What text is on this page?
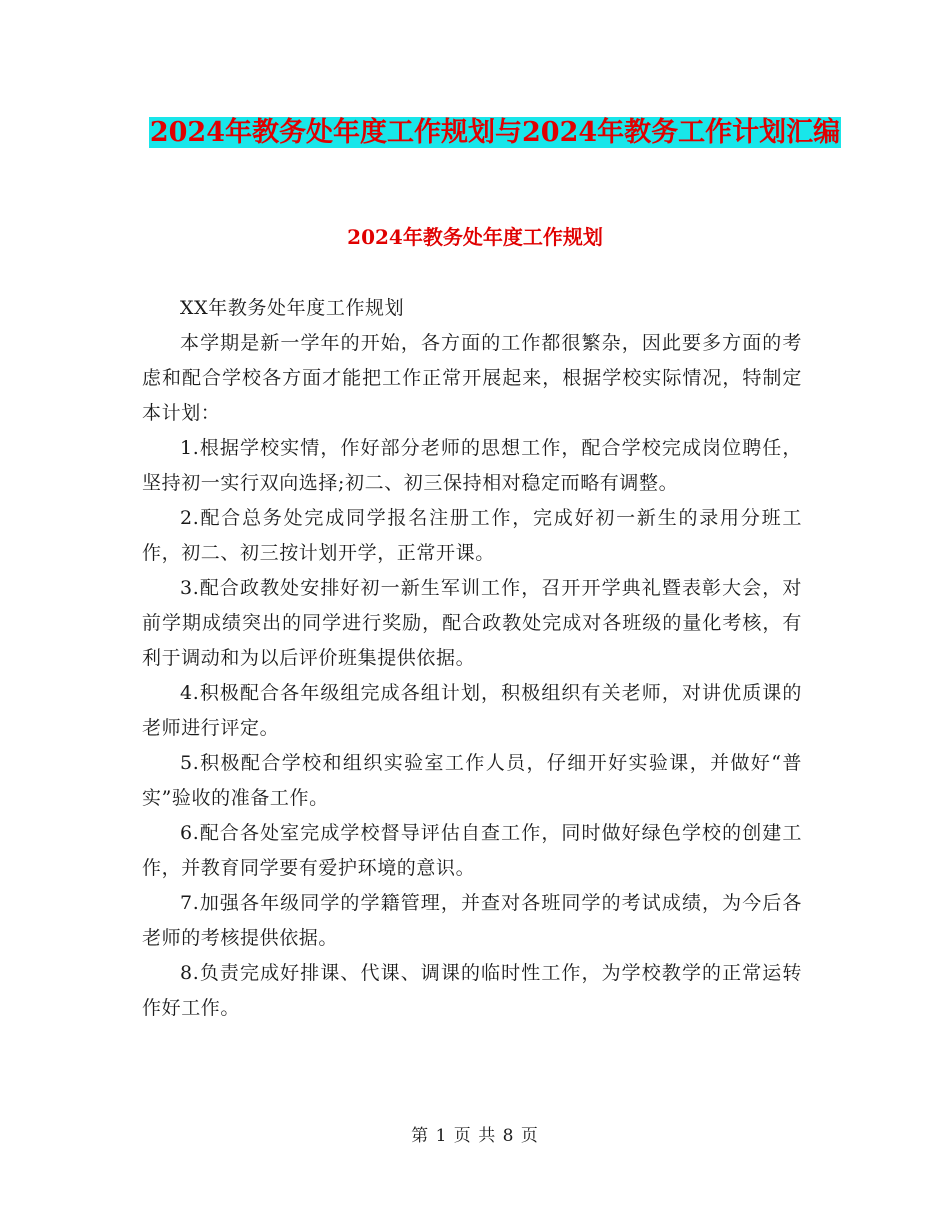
2024年教务处年度工作规划与2024年教务工作计划汇编
2024年教务处年度工作规划

XX年教务处年度工作规划

本学期是新一学年的开始，各方面的工作都很繁杂，因此要多方面的考虑和配合学校各方面才能把工作正常开展起来，根据学校实际情况，特制定本计划：

1.根据学校实情，作好部分老师的思想工作，配合学校完成岗位聘任，坚持初一实行双向选择;初二、初三保持相对稳定而略有调整。

2.配合总务处完成同学报名注册工作，完成好初一新生的录用分班工作，初二、初三按计划开学，正常开课。

3.配合政教处安排好初一新生军训工作，召开开学典礼暨表彰大会，对前学期成绩突出的同学进行奖励，配合政教处完成对各班级的量化考核，有利于调动和为以后评价班集提供依据。

4.积极配合各年级组完成各组计划，积极组织有关老师，对讲优质课的老师进行评定。

5.积极配合学校和组织实验室工作人员，仔细开好实验课，并做好“普实”验收的准备工作。

6.配合各处室完成学校督导评估自查工作，同时做好绿色学校的创建工作，并教育同学要有爱护环境的意识。

7.加强各年级同学的学籍管理，并查对各班同学的考试成绩，为今后各老师的考核提供依据。

8.负责完成好排课、代课、调课的临时性工作，为学校教学的正常运转作好工作。

第 1 页 共 8 页
